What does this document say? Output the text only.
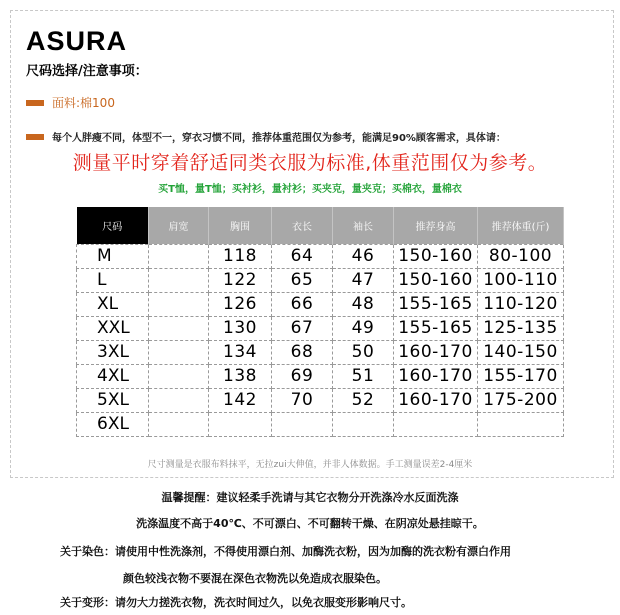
ASURA
尺码选择/注意事项：
面料:棉100
每个人胖瘦不同，体型不一，穿衣习惯不同，推荐体重范围仅为参考，能满足90%顾客需求，具体请：
测量平时穿着舒适同类衣服为标准,体重范围仅为参考。
买T恤，量T恤；买衬衫，量衬衫；买夹克，量夹克；买棉衣，量棉衣
尺码	肩宽	胸围	衣长	袖长	推荐身高	推荐体重(斤)
M		118	64	46	150-160	80-100
L		122	65	47	150-160	100-110
XL		126	66	48	155-165	110-120
XXL		130	67	49	155-165	125-135
3XL		134	68	50	160-170	140-150
4XL		138	69	51	160-170	155-170
5XL		142	70	52	160-170	175-200
6XL						
尺寸测量是衣服布料抹平，无拉zui大伸值，并非人体数据。手工测量误差2-4厘米
温馨提醒：建议轻柔手洗请与其它衣物分开洗涤冷水反面洗涤
洗涤温度不高于40℃、不可漂白、不可翻转干燥、在阴凉处悬挂晾干。
关于染色：请使用中性洗涤剂，不得使用漂白剂、加酶洗衣粉，因为加酶的洗衣粉有漂白作用
颜色较浅衣物不要混在深色衣物洗以免造成衣服染色。
关于变形：请勿大力搓洗衣物，洗衣时间过久，以免衣服变形影响尺寸。
